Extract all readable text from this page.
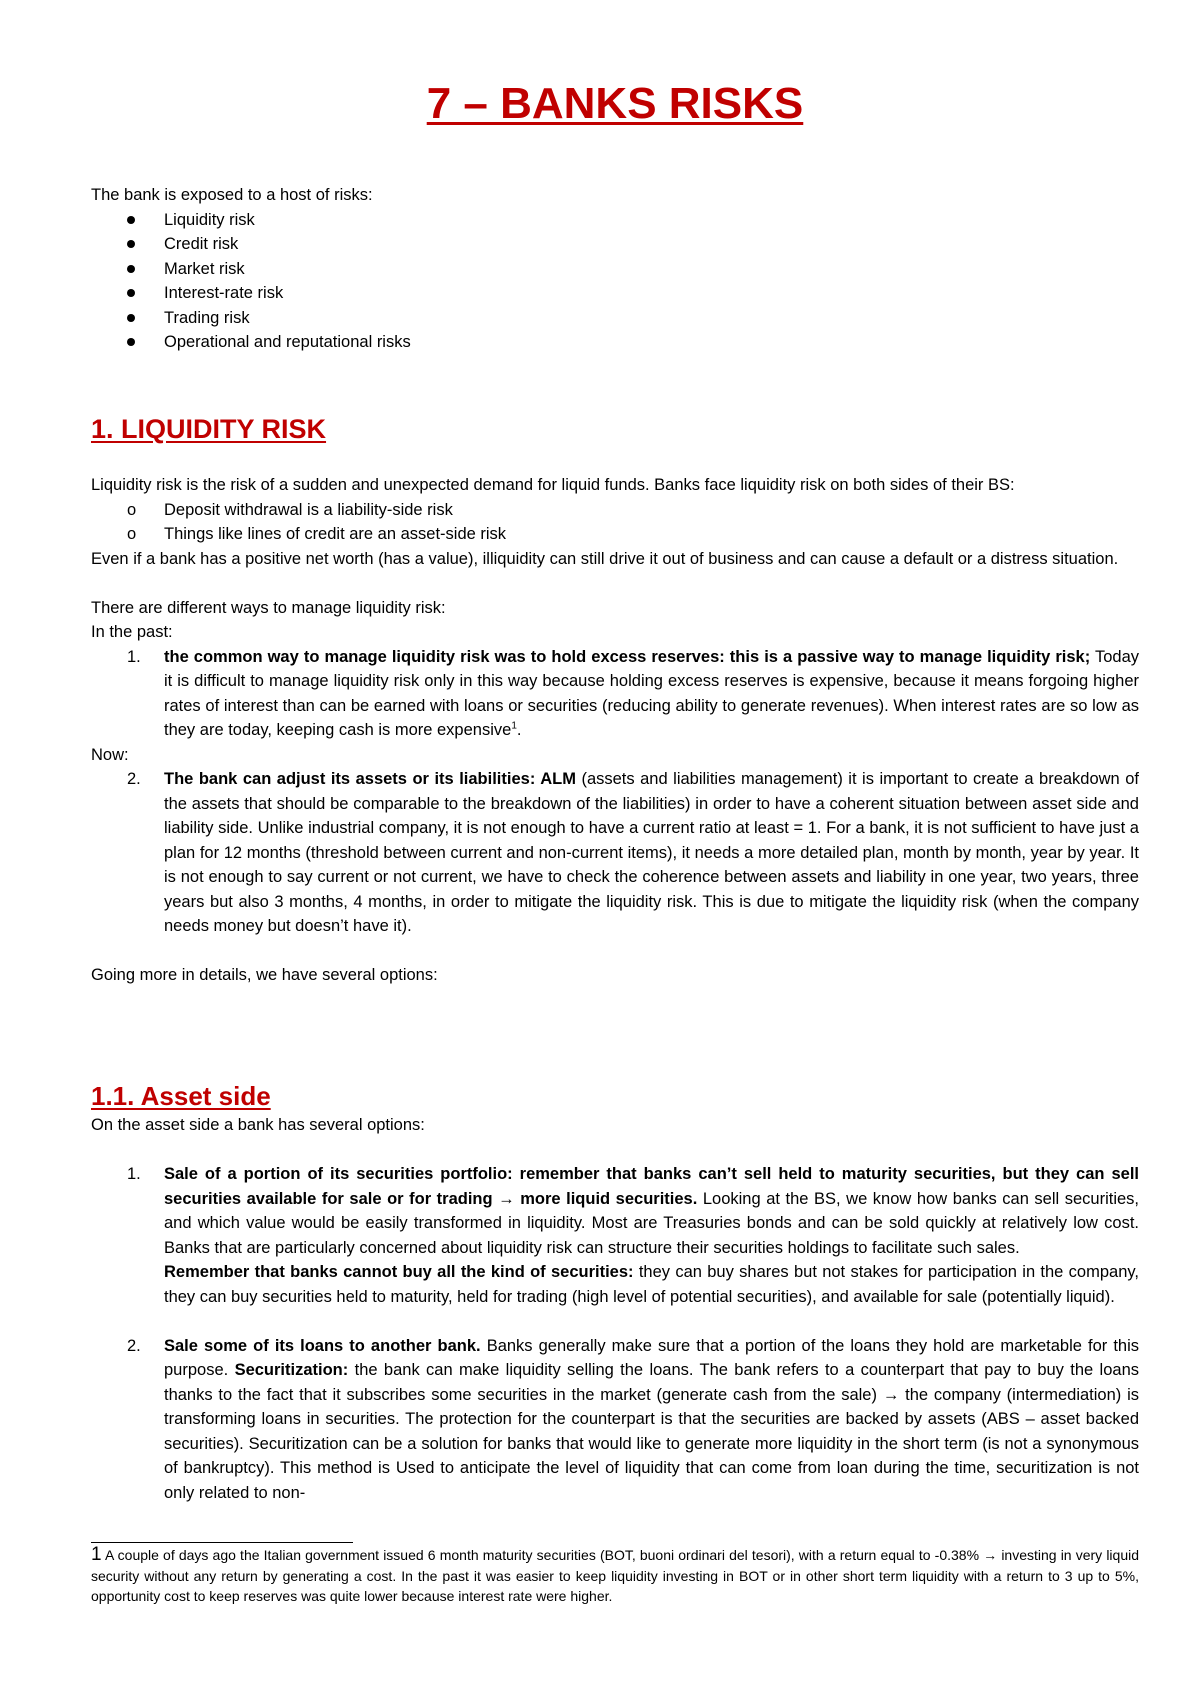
7 – BANKS RISKS

The bank is exposed to a host of risks:

Liquidity risk
Credit risk
Market risk
Interest-rate risk
Trading risk
Operational and reputational risks
1. LIQUIDITY RISK

Liquidity risk is the risk of a sudden and unexpected demand for liquid funds. Banks face liquidity risk on both sides of their BS:

o Deposit withdrawal is a liability-side risk
o Things like lines of credit are an asset-side risk

Even if a bank has a positive net worth (has a value), illiquidity can still drive it out of business and can cause a default or a distress situation.

There are different ways to manage liquidity risk:

In the past:

1. the common way to manage liquidity risk was to hold excess reserves: this is a passive way to manage liquidity risk; Today it is difficult to manage liquidity risk only in this way because holding excess reserves is expensive, because it means forgoing higher rates of interest than can be earned with loans or securities (reducing ability to generate revenues). When interest rates are so low as they are today, keeping cash is more expensive$^1$.

Now:

2. The bank can adjust its assets or its liabilities: ALM (assets and liabilities management) it is important to create a breakdown of the assets that should be comparable to the breakdown of the liabilities) in order to have a coherent situation between asset side and liability side. Unlike industrial company, it is not enough to have a current ratio at least = 1. For a bank, it is not sufficient to have just a plan for 12 months (threshold between current and non-current items), it needs a more detailed plan, month by month, year by year. It is not enough to say current or not current, we have to check the coherence between assets and liability in one year, two years, three years but also 3 months, 4 months, in order to mitigate the liquidity risk. This is due to mitigate the liquidity risk (when the company needs money but doesn’t have it).

Going more in details, we have several options:

1.1. Asset side

On the asset side a bank has several options:

1. Sale of a portion of its securities portfolio: remember that banks can’t sell held to maturity securities, but they can sell securities available for sale or for trading → more liquid securities. Looking at the BS, we know how banks can sell securities, and which value would be easily transformed in liquidity. Most are Treasuries bonds and can be sold quickly at relatively low cost. Banks that are particularly concerned about liquidity risk can structure their securities holdings to facilitate such sales.
Remember that banks cannot buy all the kind of securities: they can buy shares but not stakes for participation in the company, they can buy securities held to maturity, held for trading (high level of potential securities), and available for sale (potentially liquid).
2. Sale some of its loans to another bank. Banks generally make sure that a portion of the loans they hold are marketable for this purpose. Securitization: the bank can make liquidity selling the loans. The bank refers to a counterpart that pay to buy the loans thanks to the fact that it subscribes some securities in the market (generate cash from the sale) → the company (intermediation) is transforming loans in securities. The protection for the counterpart is that the securities are backed by assets (ABS – asset backed securities). Securitization can be a solution for banks that would like to generate more liquidity in the short term (is not a synonymous of bankruptcy). This method is Used to anticipate the level of liquidity that can come from loan during the time, securitization is not only related to non-

1 A couple of days ago the Italian government issued 6 month maturity securities (BOT, buoni ordinari del tesori), with a return equal to -0.38% → investing in very liquid security without any return by generating a cost. In the past it was easier to keep liquidity investing in BOT or in other short term liquidity with a return to 3 up to 5%, opportunity cost to keep reserves was quite lower because interest rate were higher.
